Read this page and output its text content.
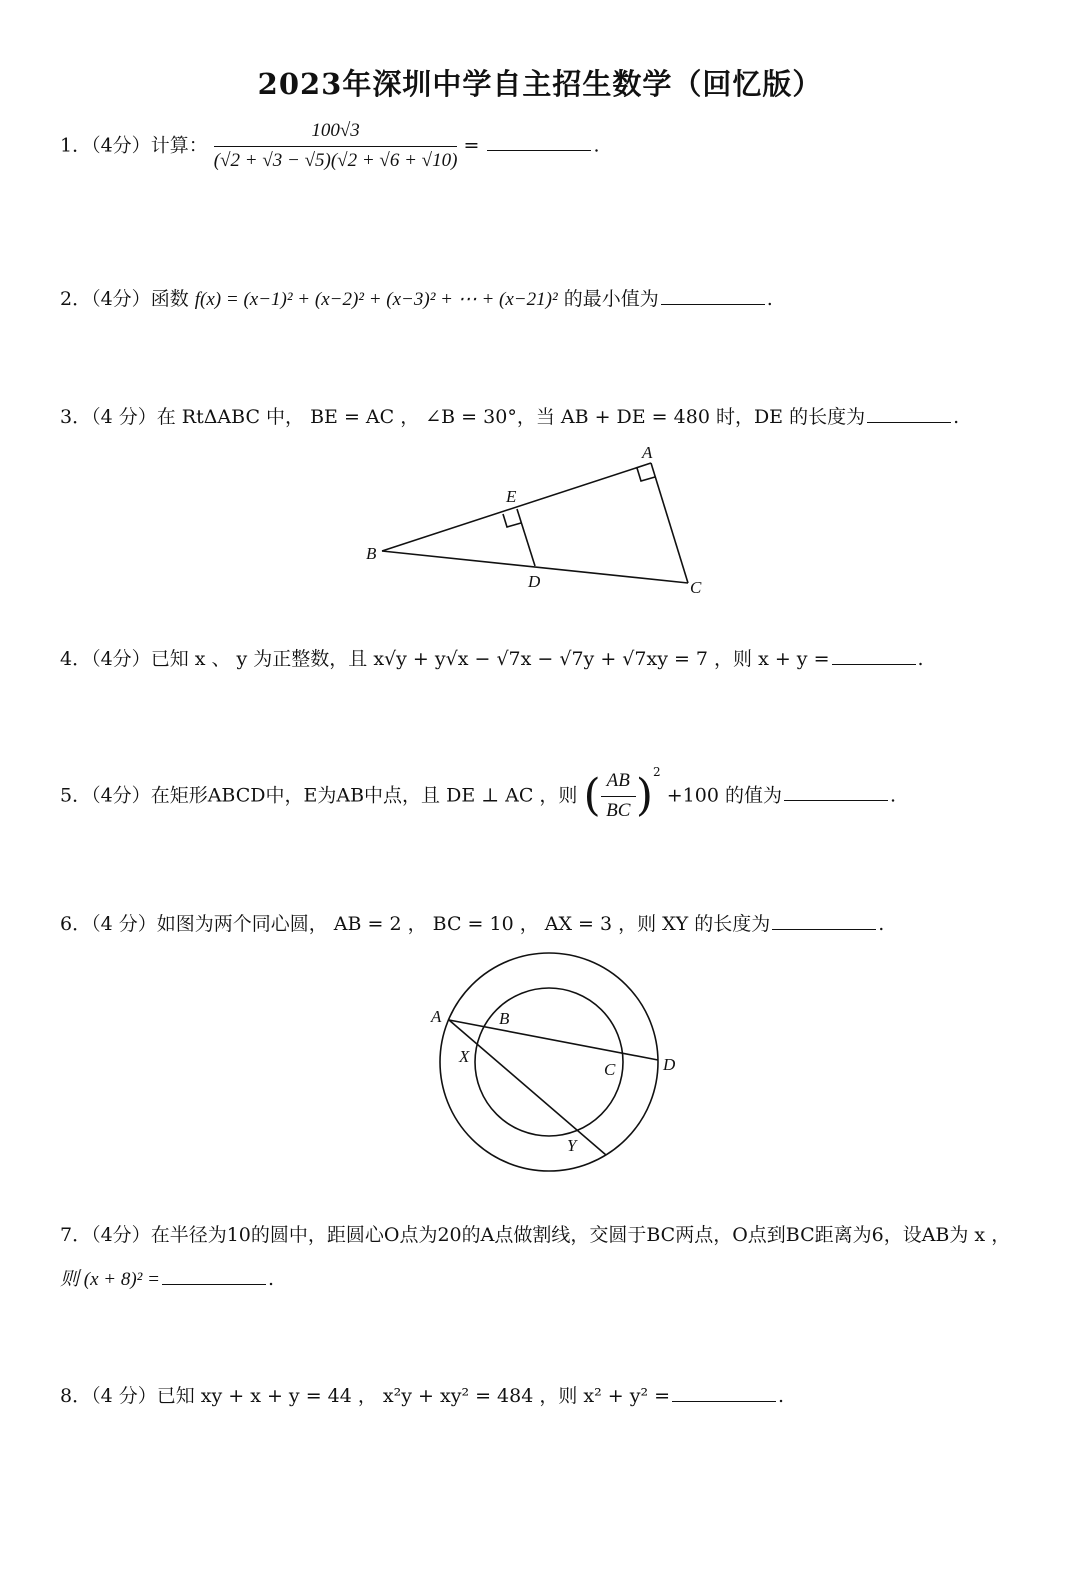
2023年深圳中学自主招生数学（回忆版）
1．（4分）计算： $\frac{100√3}{(√2 + √3 - √5)(√2 + √6 + √10)}$ =	.
2．（4分）函数 f(x) = (x−1)² + (x−2)² + (x−3)² + ⋯ + (x−21)² 的最小值为	.
3．（4 分）在 RtΔABC 中， BE = AC ， ∠B = 30°，当 AB + DE = 480 时，DE 的长度为	.
A
E
B
D	C
4．（4分）已知 x 、 y 为正整数，且 x√y + y√x − √7x − √7y + √7xy = 7 ，则 x + y =	.
5．（4分）在矩形ABCD中，E为AB中点，且 DE ⊥ AC ，则 ( $\frac{AB}{BC} )^2 +100$ 的值为	.
6．（4 分）如图为两个同心圆， AB = 2 ， BC = 10 ， AX = 3 ，则 XY 的长度为	.
A	B
X
C	D
Y
7．（4分）在半径为10的圆中，距圆心O点为20的A点做割线，交圆于BC两点，O点到BC距离为6，设AB为 x ，
则 (x + 8)² =	.
8．（4 分）已知 xy + x + y = 44 ， x²y + xy² = 484 ，则 x² + y² =	.
